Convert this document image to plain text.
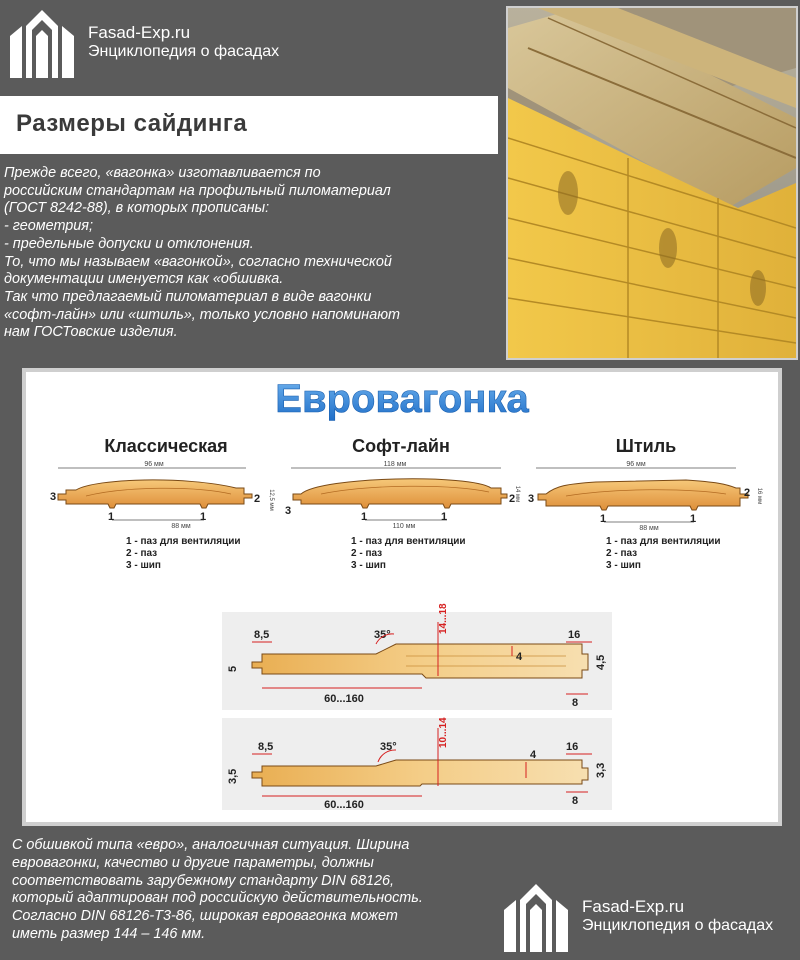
Fasad-Exp.ru
Энциклопедия о фасадах
Размеры сайдинга

Прежде всего, «вагонка» изготавливается по

российским стандартам на профильный пиломатериал

(ГОСТ 8242-88), в которых прописаны:

- геометрия;

- предельные допуски и отклонения.

То, что мы называем «вагонкой», согласно технической

документации именуется как «обшивка.

Так что предлагаемый пиломатериал в виде вагонки

«софт-лайн» или «штиль», только условно напоминают

нам ГОСТовские изделия.

Евровагонка
Классическая
96 мм
88 мм
12,5 мм
3	2
1	1
1 - паз для вентиляции
2 - паз
3 - шип
Софт-лайн
118 мм
110 мм
14 мм
3
2
1	1
1 - паз для вентиляции
2 - паз
3 - шип
Штиль
96 мм
88 мм
16 мм
3	2
1	1
1 - паз для вентиляции
2 - паз
3 - шип
8,5	35°
14...18
16
5
4	4,5
60...160	8
8,5	35°	10...14	16
3,5
4
3,3
60...160	8

С обшивкой типа «евро», аналогичная ситуация. Ширина

евровагонки, качество и другие параметры, должны

соответствовать зарубежному стандарту DIN 68126,

который адаптирован под российскую действительность.

Согласно DIN 68126-T3-86, широкая евровагонка может

иметь размер 144 – 146 мм.

Fasad-Exp.ru
Энциклопедия о фасадах
